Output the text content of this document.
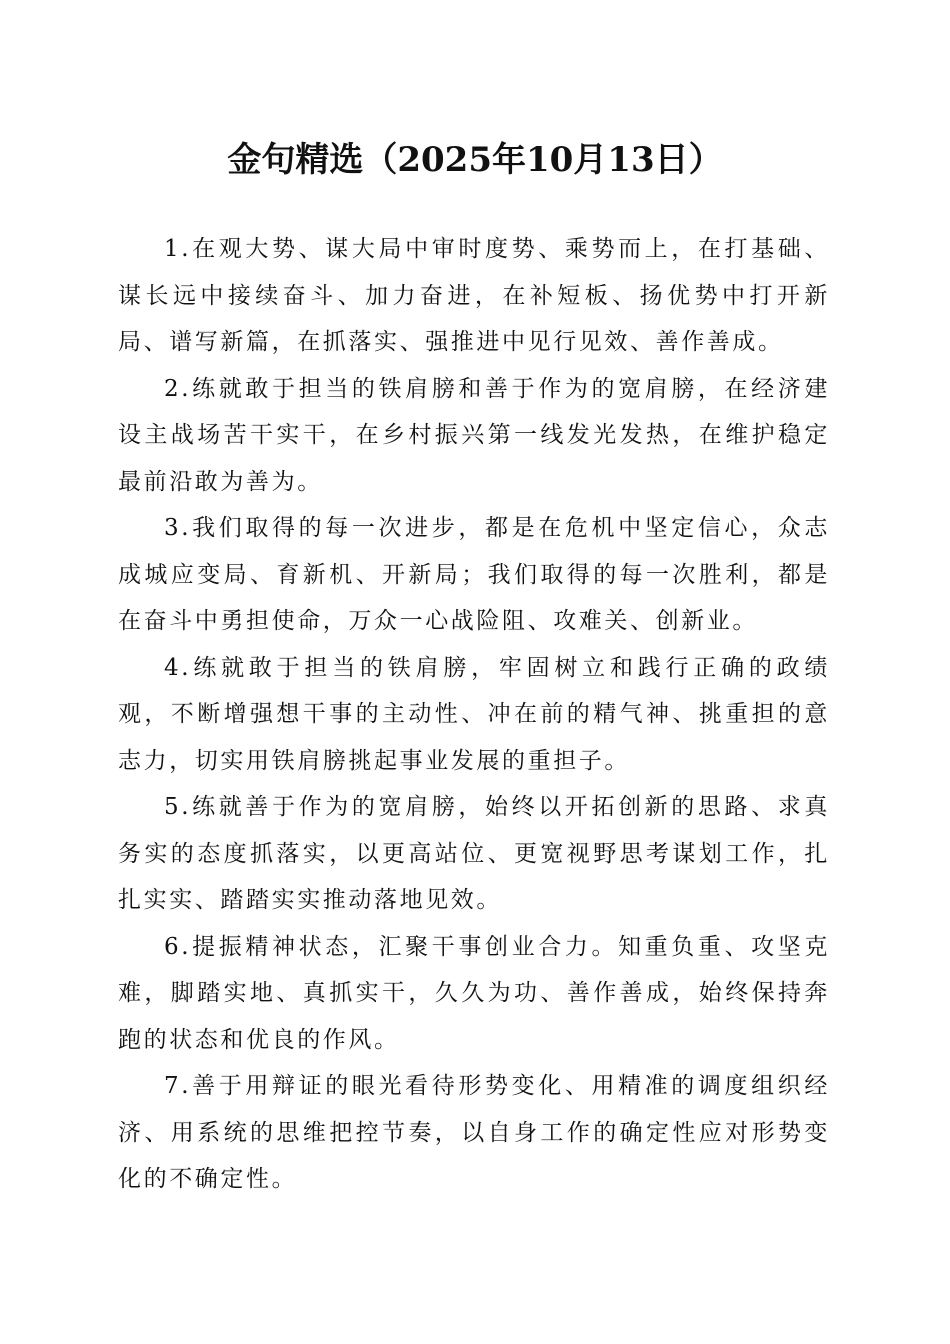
金句精选（2025年10月13日）

1.在观大势、谋大局中审时度势、乘势而上，在打基础、谋长远中接续奋斗、加力奋进，在补短板、扬优势中打开新局、谱写新篇，在抓落实、强推进中见行见效、善作善成。

2.练就敢于担当的铁肩膀和善于作为的宽肩膀，在经济建设主战场苦干实干，在乡村振兴第一线发光发热，在维护稳定最前沿敢为善为。

3.我们取得的每一次进步，都是在危机中坚定信心，众志成城应变局、育新机、开新局；我们取得的每一次胜利，都是在奋斗中勇担使命，万众一心战险阻、攻难关、创新业。

4.练就敢于担当的铁肩膀，牢固树立和践行正确的政绩观，不断增强想干事的主动性、冲在前的精气神、挑重担的意志力，切实用铁肩膀挑起事业发展的重担子。

5.练就善于作为的宽肩膀，始终以开拓创新的思路、求真务实的态度抓落实，以更高站位、更宽视野思考谋划工作，扎扎实实、踏踏实实推动落地见效。

6.提振精神状态，汇聚干事创业合力。知重负重、攻坚克难，脚踏实地、真抓实干，久久为功、善作善成，始终保持奔跑的状态和优良的作风。

7.善于用辩证的眼光看待形势变化、用精准的调度组织经济、用系统的思维把控节奏，以自身工作的确定性应对形势变化的不确定性。
